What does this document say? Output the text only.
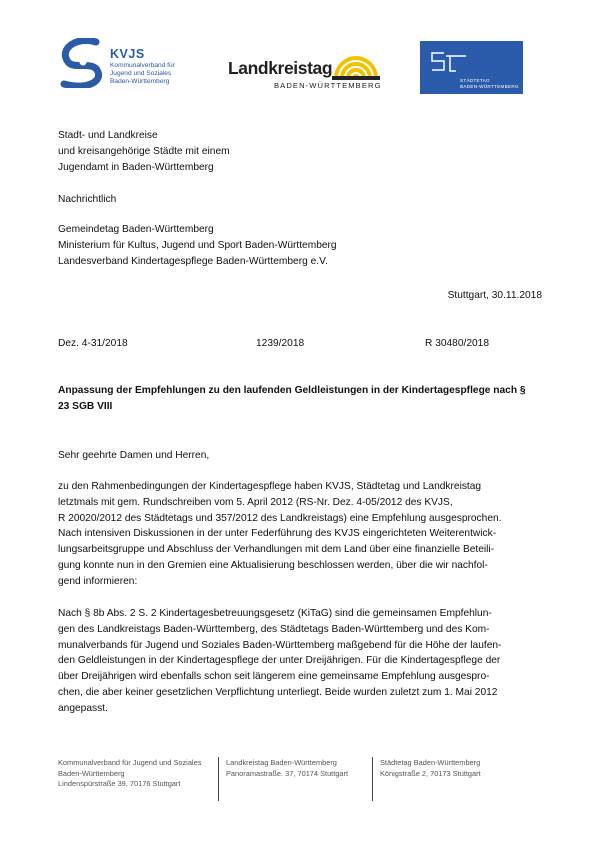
KVJS
Kommunalverband für
Jugend und Soziales
Baden-Württemberg
Landkreistag
BADEN-WÜRTTEMBERG
STÄDTETAG
BADEN-WÜRTTEMBERG
Stadt- und Landkreise
und kreisangehörige Städte mit einem
Jugendamt in Baden-Württemberg
Nachrichtlich
Gemeindetag Baden-Württemberg
Ministerium für Kultus, Jugend und Sport Baden-Württemberg
Landesverband Kindertagespflege Baden-Württemberg e.V.
Stuttgart, 30.11.2018
Dez. 4-31/2018	1239/2018	R 30480/2018
Anpassung der Empfehlungen zu den laufenden Geldleistungen in der Kindertagespflege nach §
23 SGB VIII
Sehr geehrte Damen und Herren,
zu den Rahmenbedingungen der Kindertagespflege haben KVJS, Städtetag und Landkreistag
letztmals mit gem. Rundschreiben vom 5. April 2012 (RS-Nr. Dez. 4-05/2012 des KVJS,
R 20020/2012 des Städtetags und 357/2012 des Landkreistags) eine Empfehlung ausgesprochen.
Nach intensiven Diskussionen in der unter Federführung des KVJS eingerichteten Weiterentwick-
lungsarbeitsgruppe und Abschluss der Verhandlungen mit dem Land über eine finanzielle Beteili-
gung konnte nun in den Gremien eine Aktualisierung beschlossen werden, über die wir nachfol-
gend informieren:
Nach § 8b Abs. 2 S. 2 Kindertagesbetreuungsgesetz (KiTaG) sind die gemeinsamen Empfehlun-
gen des Landkreistags Baden-Württemberg, des Städtetags Baden-Württemberg und des Kom-
munalverbands für Jugend und Soziales Baden-Württemberg maßgebend für die Höhe der laufen-
den Geldleistungen in der Kindertagespflege der unter Dreijährigen. Für die Kindertagespflege der
über Dreijährigen wird ebenfalls schon seit längerem eine gemeinsame Empfehlung ausgespro-
chen, die aber keiner gesetzlichen Verpflichtung unterliegt. Beide wurden zuletzt zum 1. Mai 2012
angepasst.
Kommunalverband für Jugend und Soziales
Baden-Württemberg
Lindenspürstraße 39, 70176 Stuttgart
Landkreistag Baden-Württemberg
Panoramastraße. 37, 70174 Stuttgart
Städtetag Baden-Württemberg
Königstraße 2, 70173 Stuttgart
